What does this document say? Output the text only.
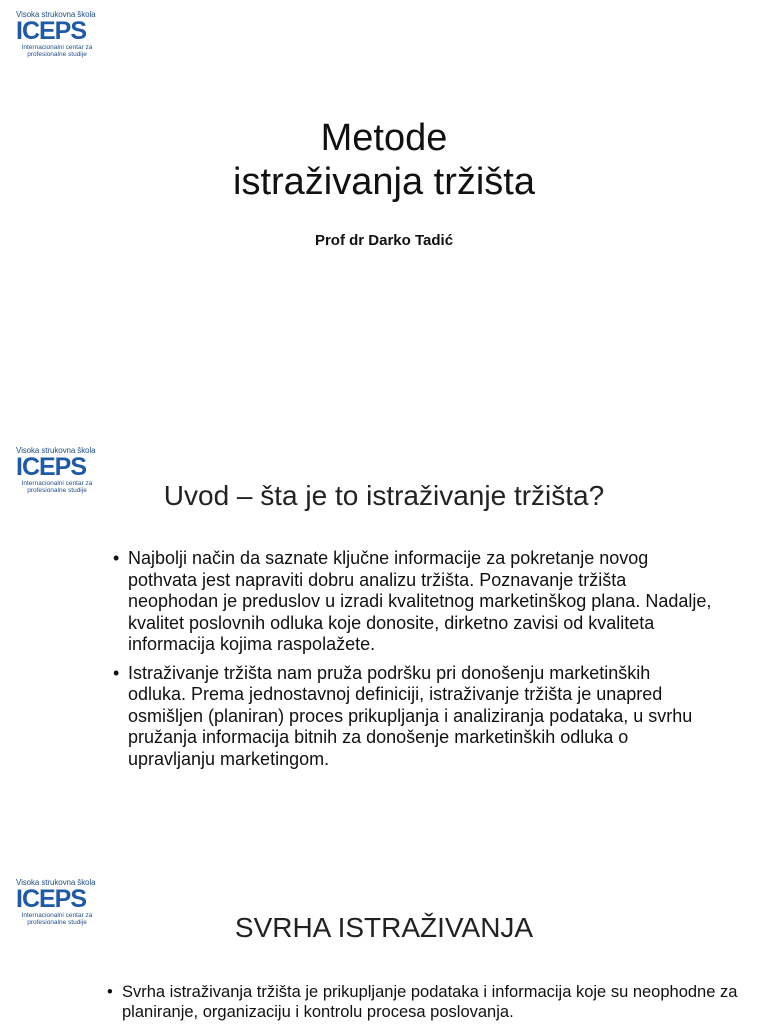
Visoka strukovna škola
ICEPS
Internacionalni centar za profesionalne studije
Metode
istraživanja tržišta
Prof dr Darko Tadić
Visoka strukovna škola
ICEPS
Internacionalni centar za profesionalne studije	Uvod – šta je to istraživanje tržišta?
• Najbolji način da saznate ključne informacije za pokretanje novog pothvata jest napraviti dobru analizu tržišta. Poznavanje tržišta neophodan je preduslov u izradi kvalitetnog marketinškog plana. Nadalje, kvalitet poslovnih odluka koje donosite, dirketno zavisi od kvaliteta informacija kojima raspolažete.
• Istraživanje tržišta nam pruža podršku pri donošenju marketinških odluka. Prema jednostavnoj definiciji, istraživanje tržišta je unapred osmišljen (planiran) proces prikupljanja i analiziranja podataka, u svrhu pružanja informacija bitnih za donošenje marketinških odluka o upravljanju marketingom.
Visoka strukovna škola
ICEPS
Internacionalni centar za profesionalne studije	SVRHA ISTRAŽIVANJA
• Svrha istraživanja tržišta je prikupljanje podataka i informacija koje su neophodne za planiranje, organizaciju i kontrolu procesa poslovanja.
